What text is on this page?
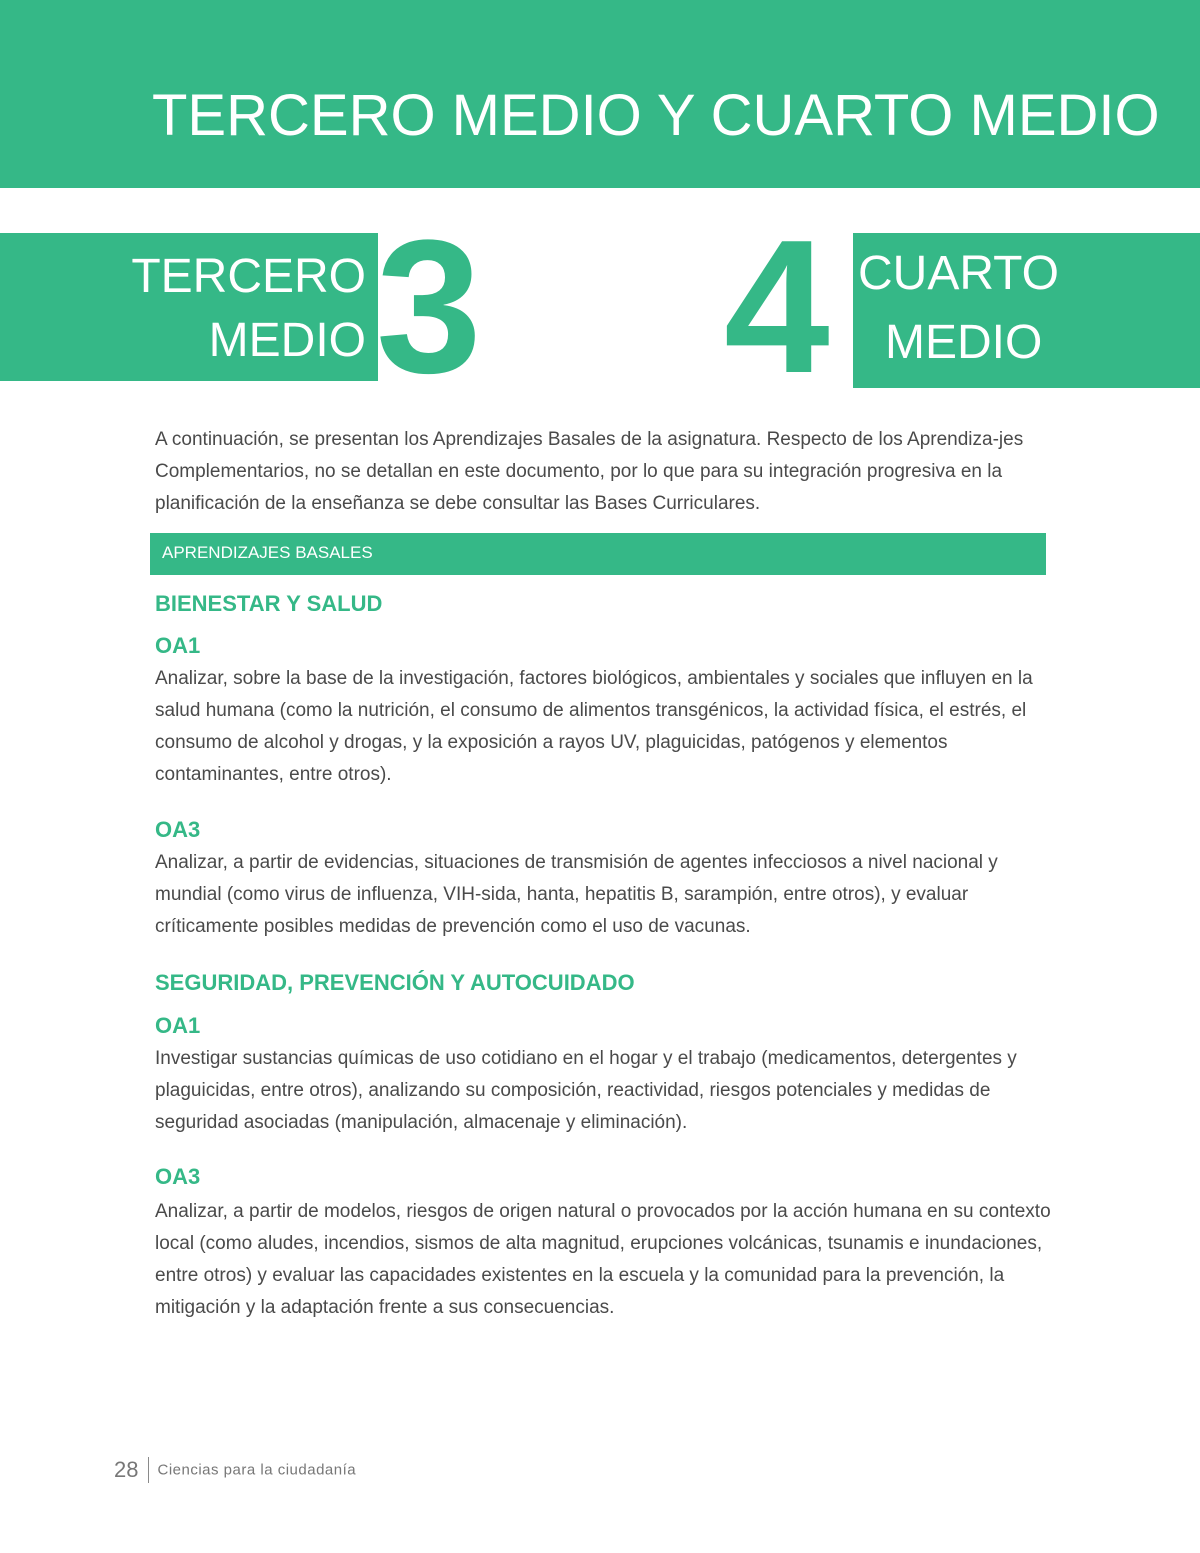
TERCERO MEDIO Y CUARTO MEDIO
TERCERO
MEDIO 3 4 CUARTO
MEDIO

A continuación, se presentan los Aprendizajes Basales de la asignatura. Respecto de los Aprendiza-jes Complementarios, no se detallan en este documento, por lo que para su integración progresiva en la planificación de la enseñanza se debe consultar las Bases Curriculares.

APRENDIZAJES BASALES
BIENESTAR Y SALUD
OA1

Analizar, sobre la base de la investigación, factores biológicos, ambientales y sociales que influyen en la salud humana (como la nutrición, el consumo de alimentos transgénicos, la actividad física, el estrés, el consumo de alcohol y drogas, y la exposición a rayos UV, plaguicidas, patógenos y elementos contaminantes, entre otros).

OA3

Analizar, a partir de evidencias, situaciones de transmisión de agentes infecciosos a nivel nacional y mundial (como virus de influenza, VIH-sida, hanta, hepatitis B, sarampión, entre otros), y evaluar críticamente posibles medidas de prevención como el uso de vacunas.

SEGURIDAD, PREVENCIÓN Y AUTOCUIDADO
OA1

Investigar sustancias químicas de uso cotidiano en el hogar y el trabajo (medicamentos, detergentes y plaguicidas, entre otros), analizando su composición, reactividad, riesgos potenciales y medidas de seguridad asociadas (manipulación, almacenaje y eliminación).

OA3

Analizar, a partir de modelos, riesgos de origen natural o provocados por la acción humana en su contexto local (como aludes, incendios, sismos de alta magnitud, erupciones volcánicas, tsunamis e inundaciones, entre otros) y evaluar las capacidades existentes en la escuela y la comunidad para la prevención, la mitigación y la adaptación frente a sus consecuencias.

28 Ciencias para la ciudadanía
